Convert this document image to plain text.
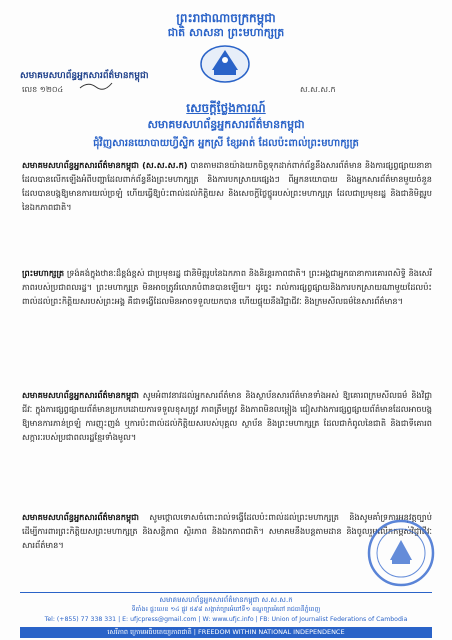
ព្រះរាជាណាចក្រកម្ពុជា
ជាតិ សាសនា ព្រះមហាក្សត្រ
សមាគមសហព័ន្ធអ្នកសារព័ត៌មានកម្ពុជា
លេខ ១២០៤	ស.ស.ស.ក
សេចក្ដីថ្លែងការណ៍
សមាគមសហព័ន្ធអ្នកសារព័ត៌មានកម្ពុជា
ជុំវិញសារនយោបាយហ្វីស្ទិក អ្នកស្រី ខ្សែអាត់ ដែលប៉ះពាល់ព្រះមហាក្សត្រ
សមាគមសហព័ន្ធអ្នកសារព័ត៌មានកម្ពុជា (ស.ស.ស.ក) បានតាមដានយ៉ាងយកចិត្តទុកដាក់ពាក់ព័ន្ធនឹងសារព័ត៌មាន និងការផ្សព្វផ្សាយនានា ដែលបានលើកឡើងអំពីបញ្ហាដែលពាក់ព័ន្ធនឹងព្រះមហាក្សត្រ និងការបកស្រាយផ្សេងៗ ពីអ្នកនយោបាយ និងអ្នកសារព័ត៌មានមួយចំនួន ដែលបានបង្កឱ្យមានការយល់ច្រឡំ ហើយធ្វើឱ្យប៉ះពាល់ដល់កិត្តិយស និងសេចក្តីថ្លៃថ្នូររបស់ព្រះមហាក្សត្រ ដែលជាប្រមុខរដ្ឋ និងជានិមិត្តរូបនៃឯកភាពជាតិ។
ព្រះមហាក្សត្រ ទ្រង់គង់ក្នុងឋានៈដ៏ខ្ពង់ខ្ពស់ ជាប្រមុខរដ្ឋ ជានិមិត្តរូបនៃឯកភាព និងនិរន្តរភាពជាតិ។ ព្រះអង្គជាអ្នកធានាការគោរពសិទ្ធិ និងសេរីភាពរបស់ប្រជាពលរដ្ឋ។ ព្រះមហាក្សត្រ មិនអាចត្រូវរំលោភបំពានបានឡើយ។ ដូច្នេះ រាល់ការផ្សព្វផ្សាយនិងការបកស្រាយណាមួយដែលប៉ះពាល់ដល់ព្រះកិត្តិយសរបស់ព្រះអង្គ គឺជាទង្វើដែលមិនអាចទទួលយកបាន ហើយផ្ទុយនឹងវិជ្ជាជីវៈ និងក្រមសីលធម៌នៃសារព័ត៌មាន។
សមាគមសហព័ន្ធអ្នកសារព័ត៌មានកម្ពុជា សូមអំពាវនាវដល់អ្នកសារព័ត៌មាន និងស្ថាប័នសារព័ត៌មានទាំងអស់ ឱ្យគោរពក្រមសីលធម៌ និងវិជ្ជាជីវៈ ក្នុងការផ្សព្វផ្សាយព័ត៌មានប្រកបដោយការទទួលខុសត្រូវ ភាពត្រឹមត្រូវ និងភាពមិនលម្អៀង ជៀសវាងការផ្សព្វផ្សាយព័ត៌មានដែលអាចបង្កឱ្យមានការភាន់ច្រឡំ ការញុះញង់ ឬការប៉ះពាល់ដល់កិត្តិយសរបស់បុគ្គល ស្ថាប័ន និងព្រះមហាក្សត្រ ដែលជាកំពូលនៃជាតិ និងជាទីគោរពសក្ការៈរបស់ប្រជាពលរដ្ឋខ្មែរទាំងមូល។
សមាគមសហព័ន្ធអ្នកសារព័ត៌មានកម្ពុជា សូមថ្កោលទោសចំពោះរាល់ទង្វើដែលប៉ះពាល់ដល់ព្រះមហាក្សត្រ និងសូមគាំទ្រការអនុវត្តច្បាប់ ដើម្បីការពារព្រះកិត្តិយសព្រះមហាក្សត្រ និងសន្តិភាព ស្ថិរភាព និងឯកភាពជាតិ។ សមាគមនឹងបន្តតាមដាន និងចូលរួមលើកកម្ពស់វិជ្ជាជីវៈសារព័ត៌មាន។
សមាគមសហព័ន្ធអ្នកសារព័ត៌មានកម្ពុជា ស.ស.ស.ក
ទីតាំង៖ ផ្ទះលេខ ១៤ ផ្លូវ ៥៩៨ សង្កាត់ច្បារអំពៅទី១ ខណ្ឌច្បារអំពៅ រាជធានីភ្នំពេញ
Tel: (+855) 77 338 331 | E: ufjcpress@gmail.com | W: www.ufjc.info | FB: Union of Journalist Federations of Cambodia
សេរីភាព ក្រោមអធិបតេយ្យភាពជាតិ | FREEDOM WITHIN NATIONAL INDEPENDENCE
